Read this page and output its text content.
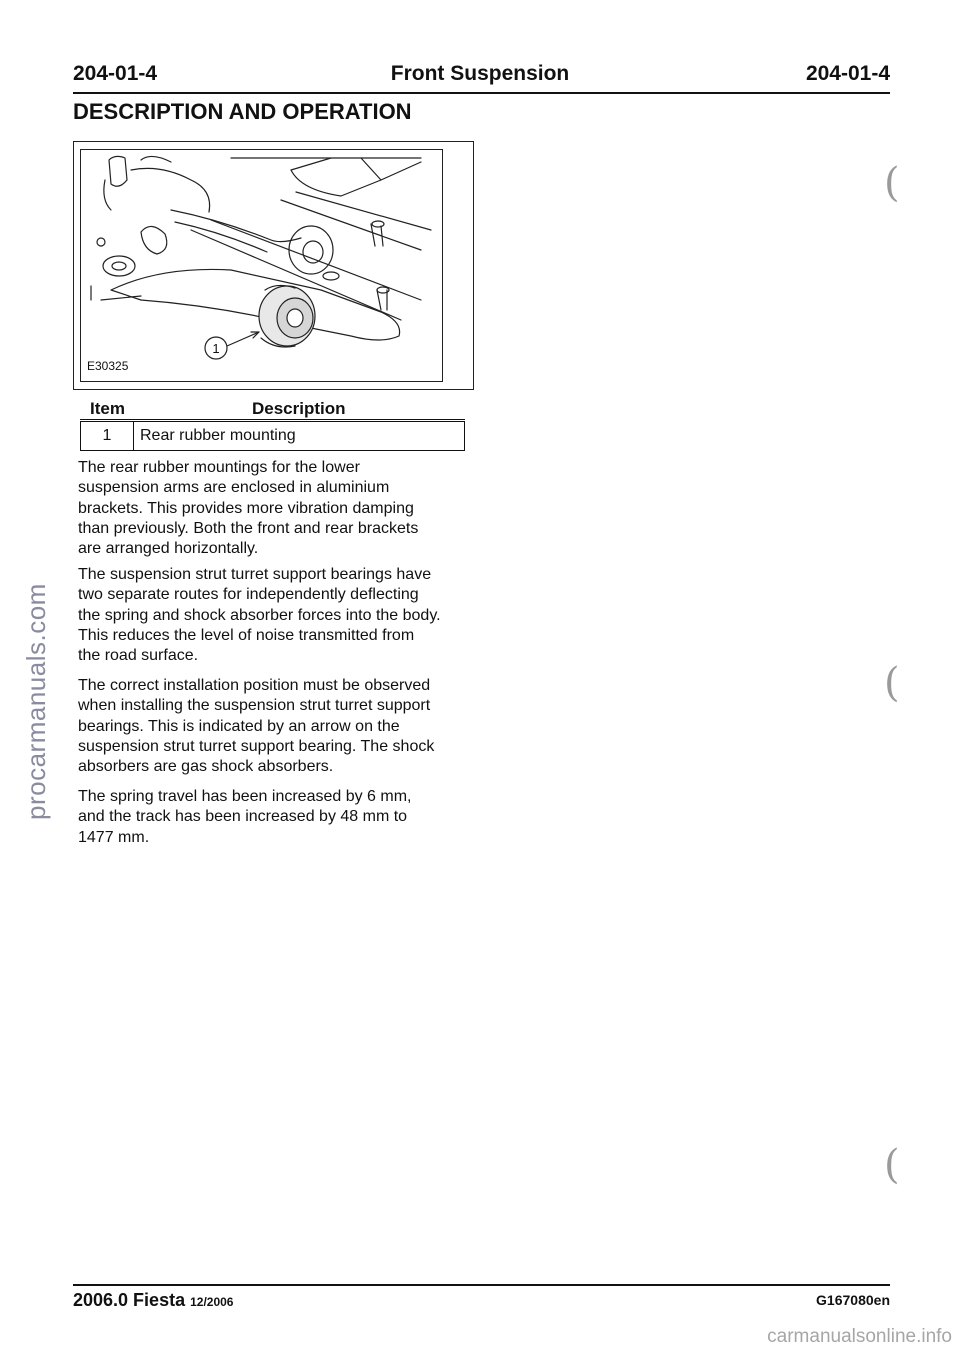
204-01-4	Front Suspension	204-01-4
DESCRIPTION AND OPERATION
1
E30325
Item	Description
1	Rear rubber mounting

The rear rubber mountings for the lower
suspension arms are enclosed in aluminium
brackets. This provides more vibration damping
than previously. Both the front and rear brackets
are arranged horizontally.

The suspension strut turret support bearings have
two separate routes for independently deflecting
the spring and shock absorber forces into the body.
This reduces the level of noise transmitted from
the road surface.

The correct installation position must be observed
when installing the suspension strut turret support
bearings. This is indicated by an arrow on the
suspension strut turret support bearing. The shock
absorbers are gas shock absorbers.

The spring travel has been increased by 6 mm,
and the track has been increased by 48 mm to
1477 mm.

procarmanuals.com
(
(
(
2006.0 Fiesta 12/2006	G167080en
carmanualsonline.info
